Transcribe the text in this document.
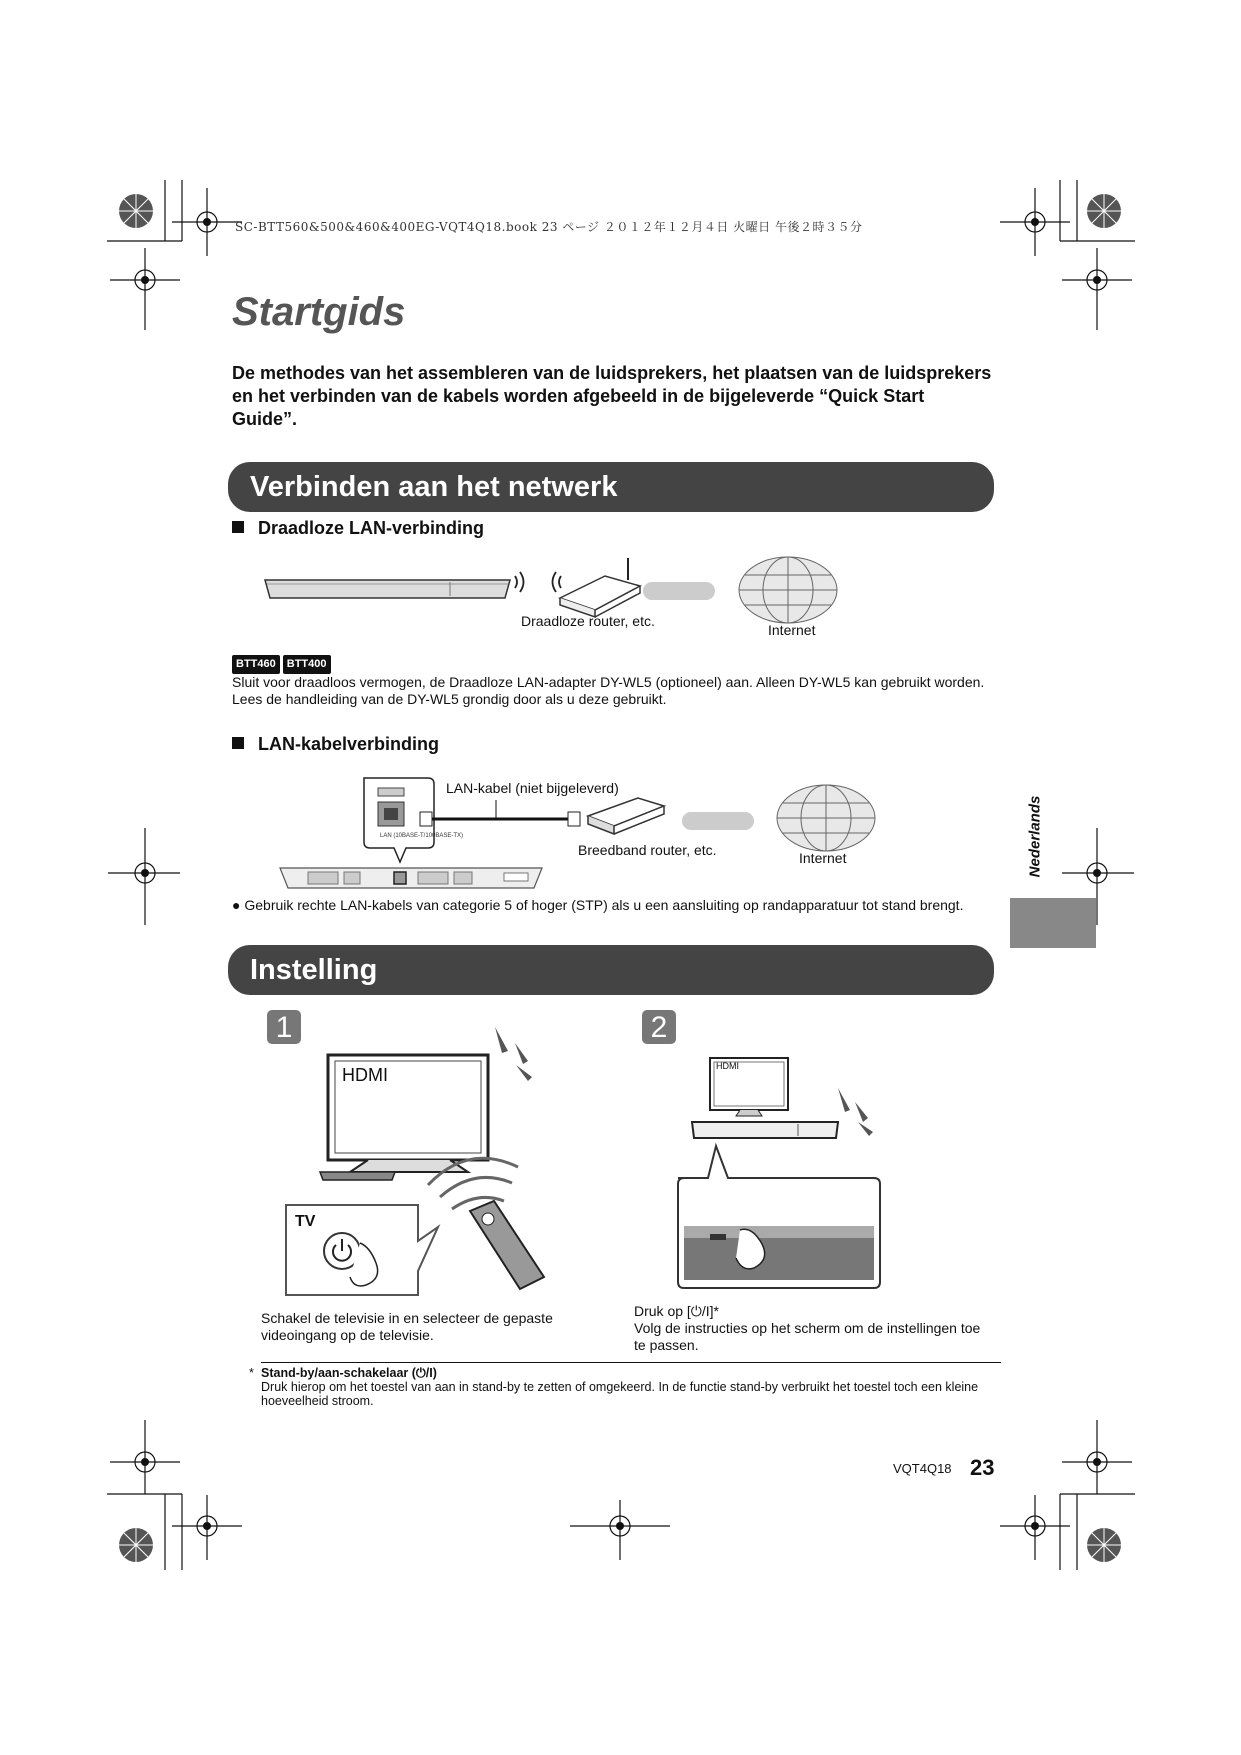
SC-BTT560&500&460&400EG-VQT4Q18.book 23 ページ ２０１２年１２月４日 火曜日 午後２時３５分
Startgids
De methodes van het assembleren van de luidsprekers, het plaatsen van de luidsprekers en het verbinden van de kabels worden afgebeeld in de bijgeleverde “Quick Start Guide”.
Verbinden aan het netwerk
Draadloze LAN-verbinding
Draadloze router, etc.
Internet
BTT460 BTT400
Sluit voor draadloos vermogen, de Draadloze LAN-adapter DY-WL5 (optioneel) aan. Alleen DY-WL5 kan gebruikt worden.
Lees de handleiding van de DY-WL5 grondig door als u deze gebruikt.
LAN-kabelverbinding
LAN (10BASE-T/100BASE-TX)
LAN-kabel (niet bijgeleverd)
Breedband router, etc.	Internet
● Gebruik rechte LAN-kabels van categorie 5 of hoger (STP) als u een aansluiting op randapparatuur tot stand brengt.
Nederlands
Instelling
1	2
HDMI
TV
HDMI
Schakel de televisie in en selecteer de gepaste videoingang op de televisie.
Druk op [⏻/I]*
Volg de instructies op het scherm om de instellingen toe te passen.
* Stand-by/aan-schakelaar (⏻/I)
Druk hierop om het toestel van aan in stand-by te zetten of omgekeerd. In de functie stand-by verbruikt het toestel toch een kleine hoeveelheid stroom.
VQT4Q18 23
